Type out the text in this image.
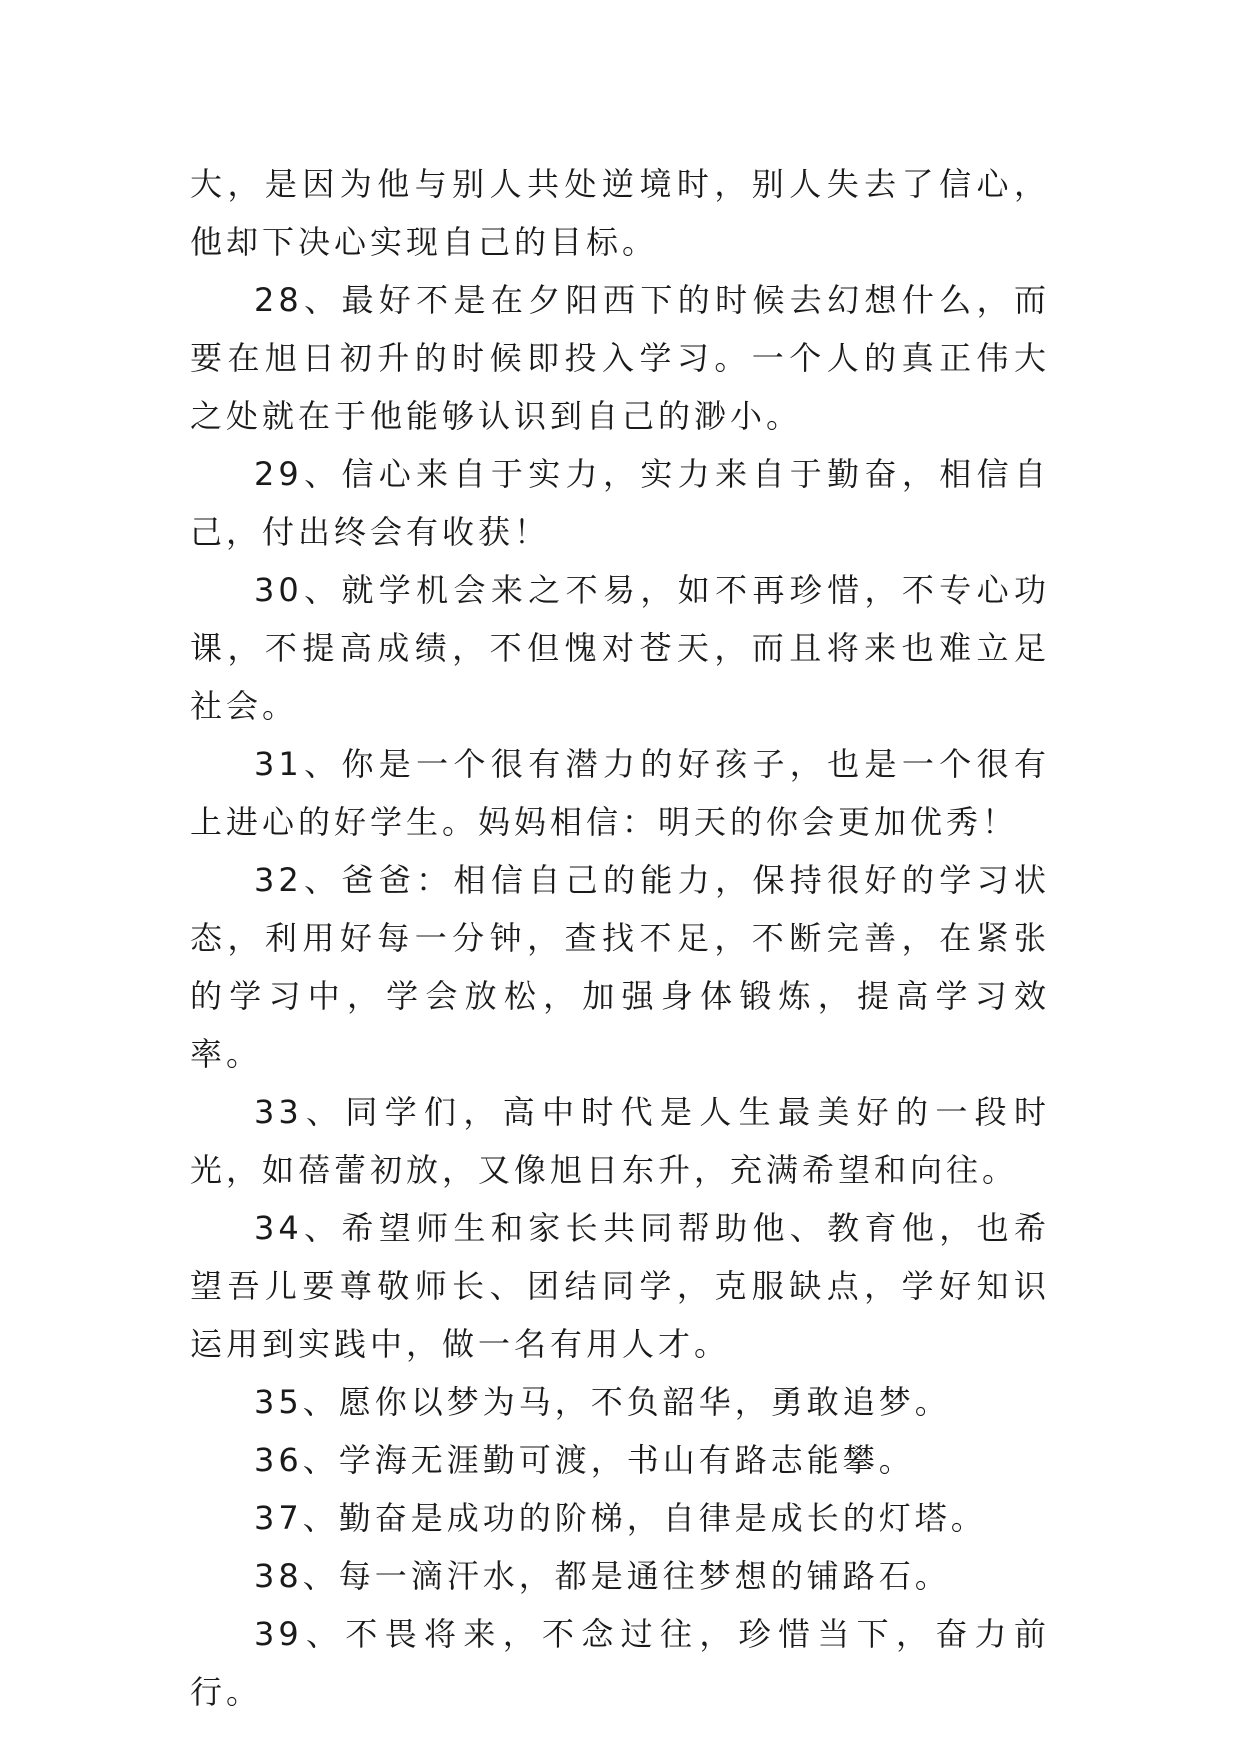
大，是因为他与别人共处逆境时，别人失去了信心，他却下决心实现自己的目标。

28、最好不是在夕阳西下的时候去幻想什么，而要在旭日初升的时候即投入学习。一个人的真正伟大之处就在于他能够认识到自己的渺小。

29、信心来自于实力，实力来自于勤奋，相信自己，付出终会有收获！

30、就学机会来之不易，如不再珍惜，不专心功课，不提高成绩，不但愧对苍天，而且将来也难立足社会。

31、你是一个很有潜力的好孩子，也是一个很有上进心的好学生。妈妈相信：明天的你会更加优秀！

32、爸爸：相信自己的能力，保持很好的学习状态，利用好每一分钟，查找不足，不断完善，在紧张的学习中，学会放松，加强身体锻炼，提高学习效率。

33、同学们，高中时代是人生最美好的一段时光，如蓓蕾初放，又像旭日东升，充满希望和向往。

34、希望师生和家长共同帮助他、教育他，也希望吾儿要尊敬师长、团结同学，克服缺点，学好知识运用到实践中，做一名有用人才。

35、愿你以梦为马，不负韶华，勇敢追梦。

36、学海无涯勤可渡，书山有路志能攀。

37、勤奋是成功的阶梯，自律是成长的灯塔。

38、每一滴汗水，都是通往梦想的铺路石。

39、不畏将来，不念过往，珍惜当下，奋力前行。
